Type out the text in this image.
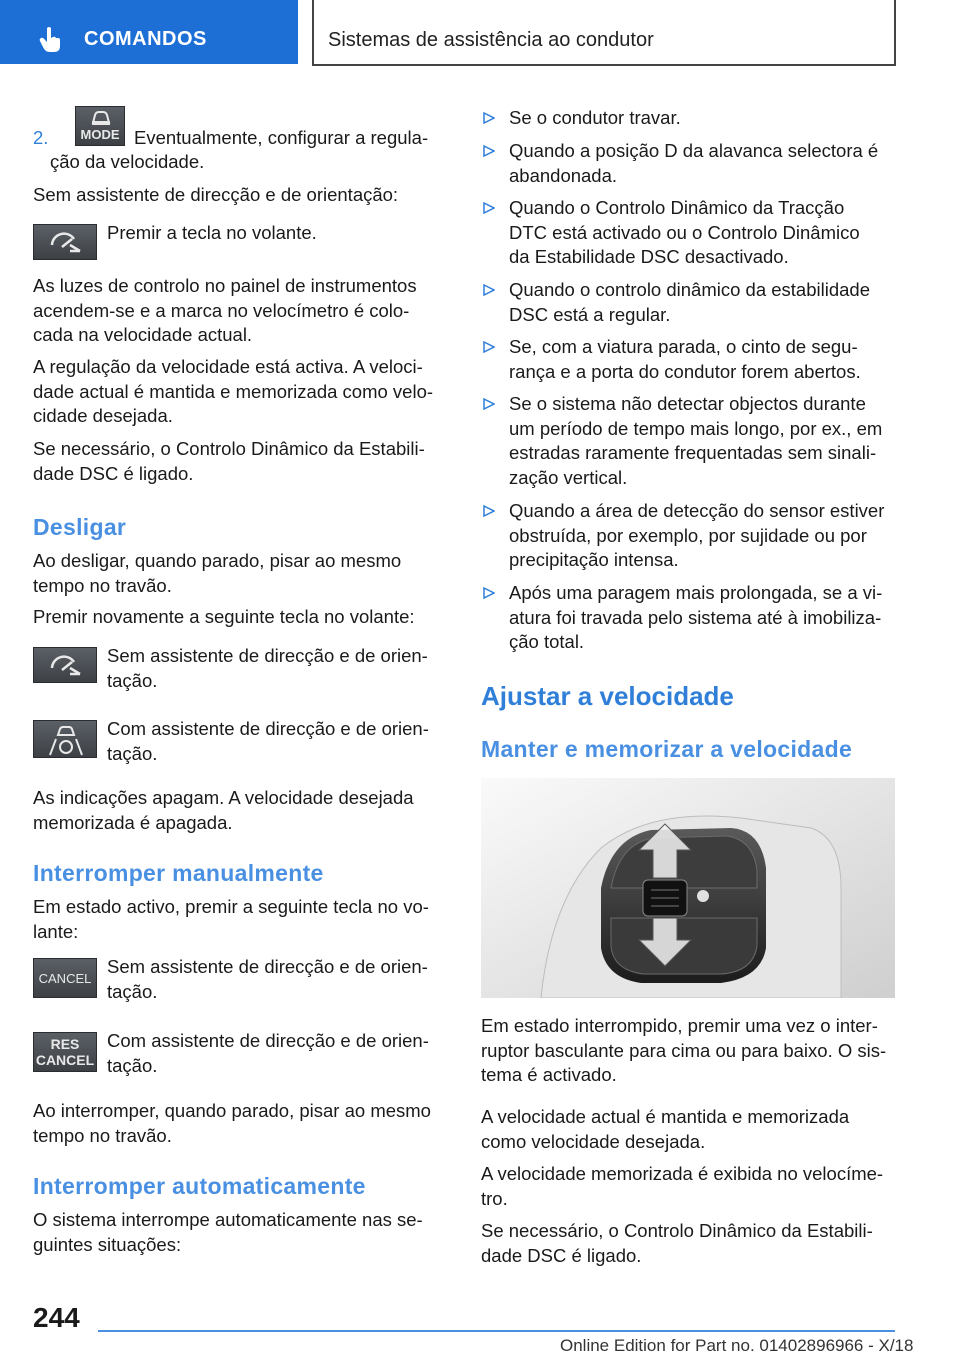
COMANDOS	Sistemas de assistência ao condutor
2.	MODE Eventualmente, configurar a regula-
ção da velocidade.
Sem assistente de direcção e de orientação:
Premir a tecla no volante.
As luzes de controlo no painel de instrumentos
acendem-se e a marca no velocímetro é colo-
cada na velocidade actual.
A regulação da velocidade está activa. A veloci-
dade actual é mantida e memorizada como velo-
cidade desejada.
Se necessário, o Controlo Dinâmico da Estabili-
dade DSC é ligado.
Desligar
Ao desligar, quando parado, pisar ao mesmo
tempo no travão.
Premir novamente a seguinte tecla no volante:
Sem assistente de direcção e de orien-
tação.
Com assistente de direcção e de orien-
tação.
As indicações apagam. A velocidade desejada
memorizada é apagada.
Interromper manualmente
Em estado activo, premir a seguinte tecla no vo-
lante:
CANCEL
Sem assistente de direcção e de orien-
tação.
RES
CANCEL
Com assistente de direcção e de orien-
tação.
Ao interromper, quando parado, pisar ao mesmo
tempo no travão.
Interromper automaticamente
O sistema interrompe automaticamente nas se-
guintes situações:
Se o condutor travar.
Quando a posição D da alavanca selectora é
abandonada.
Quando o Controlo Dinâmico da Tracção
DTC está activado ou o Controlo Dinâmico
da Estabilidade DSC desactivado.
Quando o controlo dinâmico da estabilidade
DSC está a regular.
Se, com a viatura parada, o cinto de segu-
rança e a porta do condutor forem abertos.
Se o sistema não detectar objectos durante
um período de tempo mais longo, por ex., em
estradas raramente frequentadas sem sinali-
zação vertical.
Quando a área de detecção do sensor estiver
obstruída, por exemplo, por sujidade ou por
precipitação intensa.
Após uma paragem mais prolongada, se a vi-
atura foi travada pelo sistema até à imobiliza-
ção total.
Ajustar a velocidade
Manter e memorizar a velocidade
Em estado interrompido, premir uma vez o inter-
ruptor basculante para cima ou para baixo. O sis-
tema é activado.
A velocidade actual é mantida e memorizada
como velocidade desejada.
A velocidade memorizada é exibida no velocíme-
tro.
Se necessário, o Controlo Dinâmico da Estabili-
dade DSC é ligado.
244
Online Edition for Part no. 01402896966 - X/18
